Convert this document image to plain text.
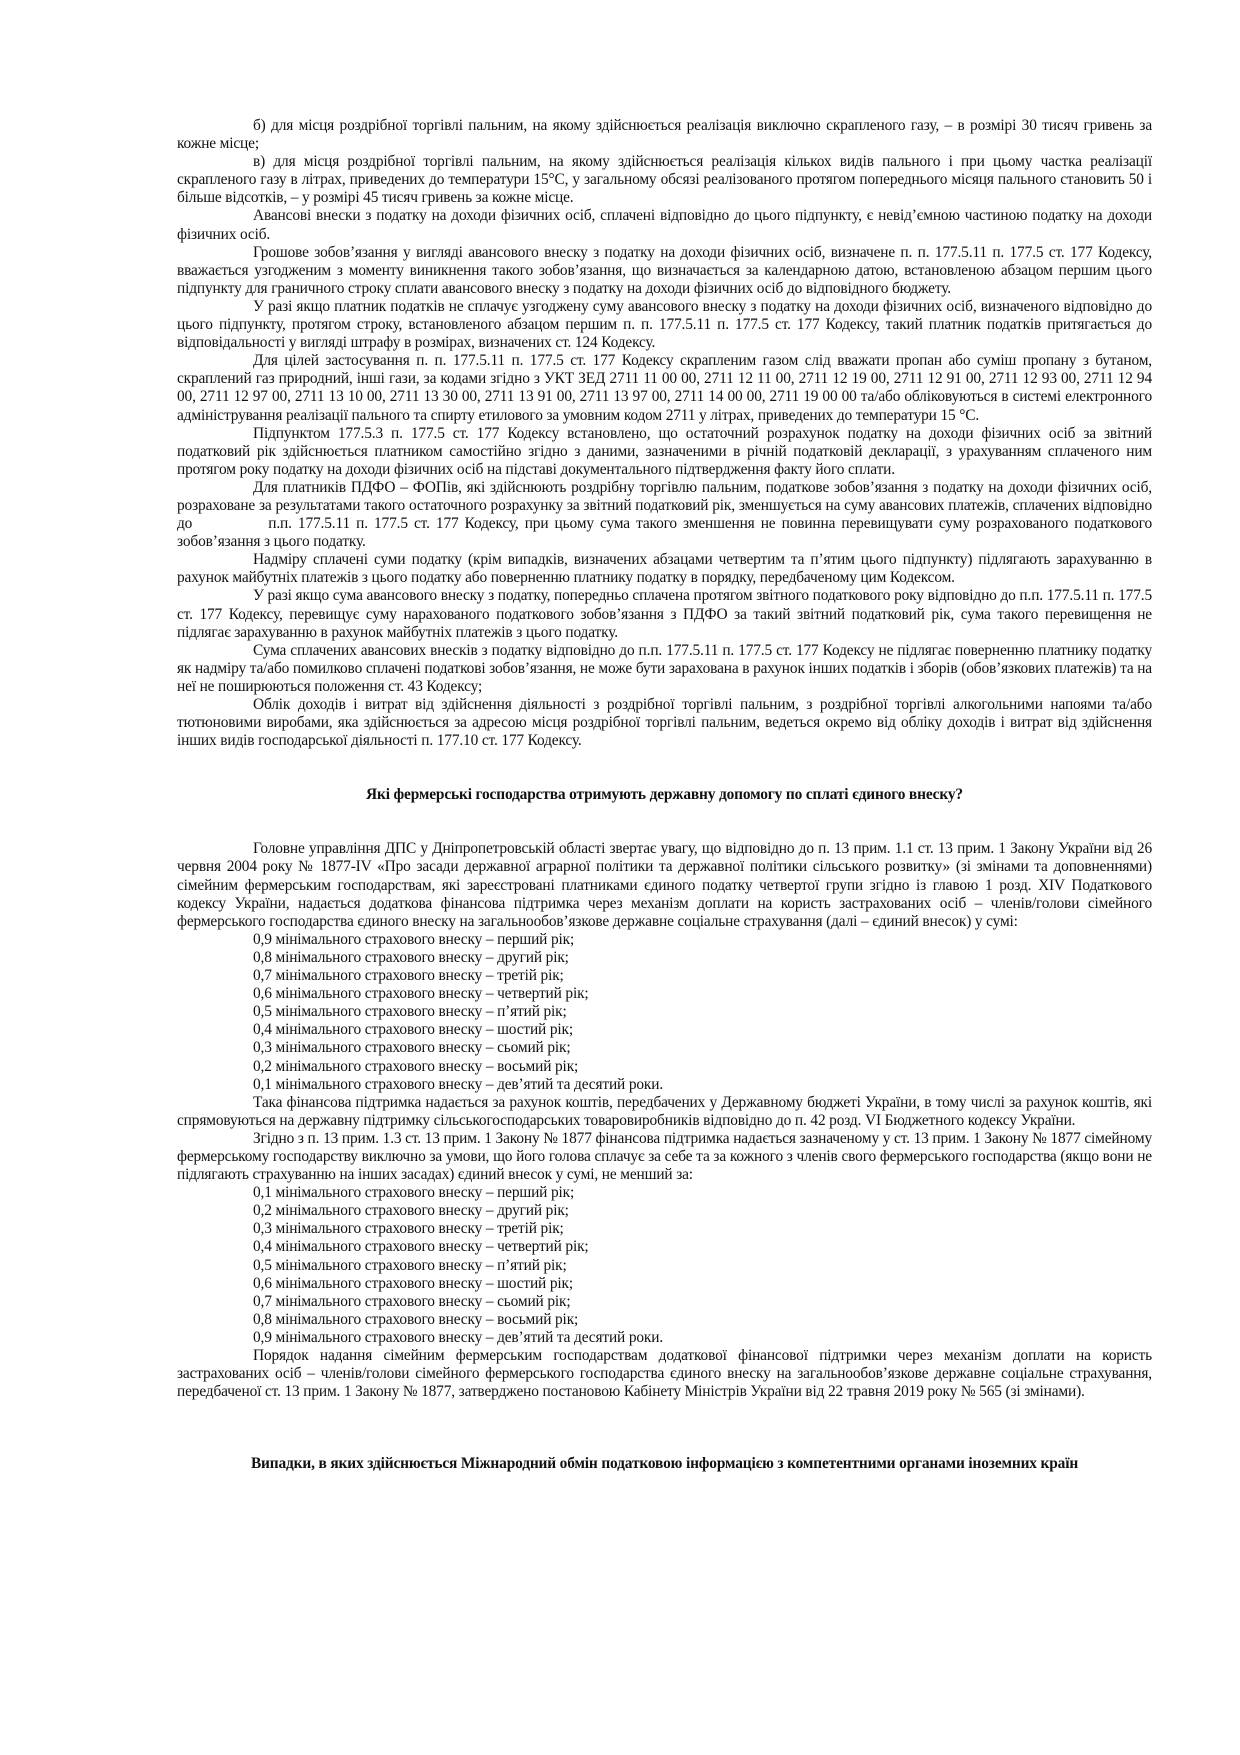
б) для місця роздрібної торгівлі пальним, на якому здійснюється реалізація виключно скрапленого газу, – в розмірі 30 тисяч гривень за кожне місце;

в) для місця роздрібної торгівлі пальним, на якому здійснюється реалізація кількох видів пального і при цьому частка реалізації скрапленого газу в літрах, приведених до температури 15°С, у загальному обсязі реалізованого протягом попереднього місяця пального становить 50 і більше відсотків, – у розмірі 45 тисяч гривень за кожне місце.

Авансові внески з податку на доходи фізичних осіб, сплачені відповідно до цього підпункту, є невід’ємною частиною податку на доходи фізичних осіб.

Грошове зобов’язання у вигляді авансового внеску з податку на доходи фізичних осіб, визначене п. п. 177.5.11 п. 177.5 ст. 177 Кодексу, вважається узгодженим з моменту виникнення такого зобов’язання, що визначається за календарною датою, встановленою абзацом першим цього підпункту для граничного строку сплати авансового внеску з податку на доходи фізичних осіб до відповідного бюджету.

У разі якщо платник податків не сплачує узгоджену суму авансового внеску з податку на доходи фізичних осіб, визначеного відповідно до цього підпункту, протягом строку, встановленого абзацом першим п. п. 177.5.11 п. 177.5 ст. 177 Кодексу, такий платник податків притягається до відповідальності у вигляді штрафу в розмірах, визначених ст. 124 Кодексу.

Для цілей застосування п. п. 177.5.11 п. 177.5 ст. 177 Кодексу скрапленим газом слід вважати пропан або суміш пропану з бутаном, скраплений газ природний, інші гази, за кодами згідно з УКТ ЗЕД 2711 11 00 00, 2711 12 11 00, 2711 12 19 00, 2711 12 91 00, 2711 12 93 00, 2711 12 94 00, 2711 12 97 00, 2711 13 10 00, 2711 13 30 00, 2711 13 91 00, 2711 13 97 00, 2711 14 00 00, 2711 19 00 00 та/або обліковуються в системі електронного адміністрування реалізації пального та спирту етилового за умовним кодом 2711 у літрах, приведених до температури 15 °С.

Підпунктом 177.5.3 п. 177.5 ст. 177 Кодексу встановлено, що остаточний розрахунок податку на доходи фізичних осіб за звітний податковий рік здійснюється платником самостійно згідно з даними, зазначеними в річній податковій декларації, з урахуванням сплаченого ним протягом року податку на доходи фізичних осіб на підставі документального підтвердження факту його сплати.

Для платників ПДФО – ФОПів, які здійснюють роздрібну торгівлю пальним, податкове зобов’язання з податку на доходи фізичних осіб, розраховане за результатами такого остаточного розрахунку за звітний податковий рік, зменшується на суму авансових платежів, сплачених відповідно до	п.п. 177.5.11 п. 177.5 ст. 177 Кодексу, при цьому сума такого зменшення не повинна перевищувати суму розрахованого податкового зобов’язання з цього податку.

Надміру сплачені суми податку (крім випадків, визначених абзацами четвертим та п’ятим цього підпункту) підлягають зарахуванню в рахунок майбутніх платежів з цього податку або поверненню платнику податку в порядку, передбаченому цим Кодексом.

У разі якщо сума авансового внеску з податку, попередньо сплачена протягом звітного податкового року відповідно до п.п. 177.5.11 п. 177.5 ст. 177 Кодексу, перевищує суму нарахованого податкового зобов’язання з ПДФО за такий звітний податковий рік, сума такого перевищення не підлягає зарахуванню в рахунок майбутніх платежів з цього податку.

Сума сплачених авансових внесків з податку відповідно до п.п. 177.5.11 п. 177.5 ст. 177 Кодексу не підлягає поверненню платнику податку як надміру та/або помилково сплачені податкові зобов’язання, не може бути зарахована в рахунок інших податків і зборів (обов’язкових платежів) та на неї не поширюються положення ст. 43 Кодексу;

Облік доходів і витрат від здійснення діяльності з роздрібної торгівлі пальним, з роздрібної торгівлі алкогольними напоями та/або тютюновими виробами, яка здійснюється за адресою місця роздрібної торгівлі пальним, ведеться окремо від обліку доходів і витрат від здійснення інших видів господарської діяльності п. 177.10 ст. 177 Кодексу.

Які фермерські господарства отримують державну допомогу по сплаті єдиного внеску?

Головне управління ДПС у Дніпропетровській області звертає увагу, що відповідно до п. 13 прим. 1.1 ст. 13 прим. 1 Закону України від 26 червня 2004 року № 1877-IV «Про засади державної аграрної політики та державної політики сільського розвитку» (зі змінами та доповненнями) сімейним фермерським господарствам, які зареєстровані платниками єдиного податку четвертої групи згідно із главою 1 розд. XIV Податкового кодексу України, надається додаткова фінансова підтримка через механізм доплати на користь застрахованих осіб – членів/голови сімейного фермерського господарства єдиного внеску на загальнообов’язкове державне соціальне страхування (далі – єдиний внесок) у сумі:

0,9 мінімального страхового внеску – перший рік;

0,8 мінімального страхового внеску – другий рік;

0,7 мінімального страхового внеску – третій рік;

0,6 мінімального страхового внеску – четвертий рік;

0,5 мінімального страхового внеску – п’ятий рік;

0,4 мінімального страхового внеску – шостий рік;

0,3 мінімального страхового внеску – сьомий рік;

0,2 мінімального страхового внеску – восьмий рік;

0,1 мінімального страхового внеску – дев’ятий та десятий роки.

Така фінансова підтримка надається за рахунок коштів, передбачених у Державному бюджеті України, в тому числі за рахунок коштів, які спрямовуються на державну підтримку сільськогосподарських товаровиробників відповідно до п. 42 розд. VI Бюджетного кодексу України.

Згідно з п. 13 прим. 1.3 ст. 13 прим. 1 Закону № 1877 фінансова підтримка надається зазначеному у ст. 13 прим. 1 Закону № 1877 сімейному фермерському господарству виключно за умови, що його голова сплачує за себе та за кожного з членів свого фермерського господарства (якщо вони не підлягають страхуванню на інших засадах) єдиний внесок у сумі, не менший за:

0,1 мінімального страхового внеску – перший рік;

0,2 мінімального страхового внеску – другий рік;

0,3 мінімального страхового внеску – третій рік;

0,4 мінімального страхового внеску – четвертий рік;

0,5 мінімального страхового внеску – п’ятий рік;

0,6 мінімального страхового внеску – шостий рік;

0,7 мінімального страхового внеску – сьомий рік;

0,8 мінімального страхового внеску – восьмий рік;

0,9 мінімального страхового внеску – дев’ятий та десятий роки.

Порядок надання сімейним фермерським господарствам додаткової фінансової підтримки через механізм доплати на користь застрахованих осіб – членів/голови сімейного фермерського господарства єдиного внеску на загальнообов’язкове державне соціальне страхування, передбаченої ст. 13 прим. 1 Закону № 1877, затверджено постановою Кабінету Міністрів України від 22 травня 2019 року № 565 (зі змінами).

Випадки, в яких здійснюється Міжнародний обмін податковою інформацією з компетентними органами іноземних країн
